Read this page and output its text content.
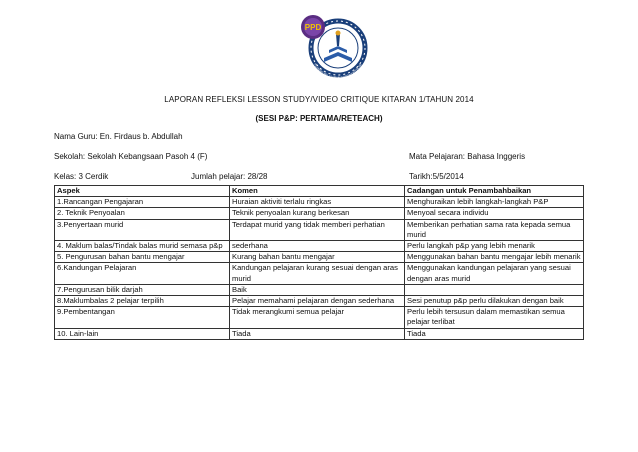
PPD
PEJABAT PELAJARAN DAERAH KOTA BE
LAPORAN REFLEKSI LESSON STUDY/VIDEO CRITIQUE KITARAN 1/TAHUN 2014
(SESI P&P: PERTAMA/RETEACH)
Nama Guru: En. Firdaus b. Abdullah
Sekolah: Sekolah Kebangsaan Pasoh 4 (F)	Mata Pelajaran: Bahasa Inggeris
Kelas: 3 Cerdik	Jumlah pelajar: 28/28	Tarikh:5/5/2014
Aspek	Komen	Cadangan untuk Penambahbaikan
1.Rancangan Pengajaran	Huraian aktiviti terlalu ringkas	Menghuraikan lebih langkah-langkah P&P
2. Teknik Penyoalan	Teknik penyoalan kurang berkesan	Menyoal secara individu
3.Penyertaan murid	Terdapat murid yang tidak memberi perhatian	Memberikan perhatian sama rata kepada semua murid
4. Maklum balas/Tindak balas murid semasa p&p	sederhana	Perlu langkah p&p yang lebih menarik
5. Pengurusan bahan bantu mengajar	Kurang bahan bantu mengajar	Menggunakan bahan bantu mengajar lebih menarik
6.Kandungan Pelajaran	Kandungan pelajaran kurang sesuai dengan aras murid	Menggunakan kandungan pelajaran yang sesuai dengan aras murid
7.Pengurusan bilik darjah	Baik	
8.Maklumbalas 2 pelajar terpilih	Pelajar memahami pelajaran dengan sederhana	Sesi penutup p&p perlu dilakukan dengan baik
9.Pembentangan	Tidak merangkumi semua pelajar	Perlu lebih tersusun dalam memastikan semua pelajar terlibat
10. Lain-lain	Tiada	Tiada
